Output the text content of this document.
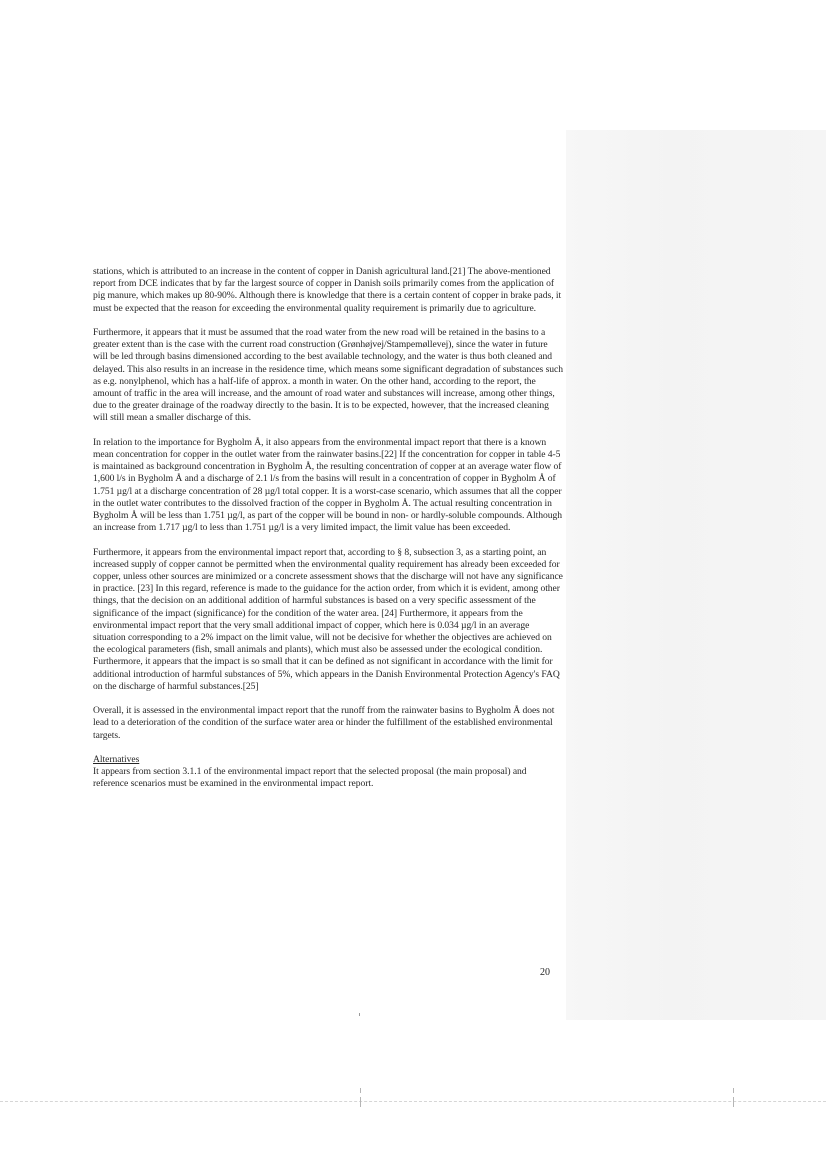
stations, which is attributed to an increase in the content of copper in Danish agricultural land.[21] The above-mentioned report from DCE indicates that by far the largest source of copper in Danish soils primarily comes from the application of pig manure, which makes up 80-90%. Although there is knowledge that there is a certain content of copper in brake pads, it must be expected that the reason for exceeding the environmental quality requirement is primarily due to agriculture.

Furthermore, it appears that it must be assumed that the road water from the new road will be retained in the basins to a greater extent than is the case with the current road construction (Grønhøjvej/Stampemøllevej), since the water in future will be led through basins dimensioned according to the best available technology, and the water is thus both cleaned and delayed. This also results in an increase in the residence time, which means some significant degradation of substances such as e.g. nonylphenol, which has a half-life of approx. a month in water. On the other hand, according to the report, the amount of traffic in the area will increase, and the amount of road water and substances will increase, among other things, due to the greater drainage of the roadway directly to the basin. It is to be expected, however, that the increased cleaning will still mean a smaller discharge of this.

In relation to the importance for Bygholm Å, it also appears from the environmental impact report that there is a known mean concentration for copper in the outlet water from the rainwater basins.[22] If the concentration for copper in table 4-5 is maintained as background concentration in Bygholm Å, the resulting concentration of copper at an average water flow of 1,600 l/s in Bygholm Å and a discharge of 2.1 l/s from the basins will result in a concentration of copper in Bygholm Å of 1.751 µg/l at a discharge concentration of 28 µg/l total copper. It is a worst-case scenario, which assumes that all the copper in the outlet water contributes to the dissolved fraction of the copper in Bygholm Å. The actual resulting concentration in Bygholm Å will be less than 1.751 µg/l, as part of the copper will be bound in non- or hardly-soluble compounds. Although an increase from 1.717 µg/l to less than 1.751 µg/l is a very limited impact, the limit value has been exceeded.

Furthermore, it appears from the environmental impact report that, according to § 8, subsection 3, as a starting point, an increased supply of copper cannot be permitted when the environmental quality requirement has already been exceeded for copper, unless other sources are minimized or a concrete assessment shows that the discharge will not have any significance in practice. [23] In this regard, reference is made to the guidance for the action order, from which it is evident, among other things, that the decision on an additional addition of harmful substances is based on a very specific assessment of the significance of the impact (significance) for the condition of the water area. [24] Furthermore, it appears from the environmental impact report that the very small additional impact of copper, which here is 0.034 µg/l in an average situation corresponding to a 2% impact on the limit value, will not be decisive for whether the objectives are achieved on the ecological parameters (fish, small animals and plants), which must also be assessed under the ecological condition. Furthermore, it appears that the impact is so small that it can be defined as not significant in accordance with the limit for additional introduction of harmful substances of 5%, which appears in the Danish Environmental Protection Agency's FAQ on the discharge of harmful substances.[25]

Overall, it is assessed in the environmental impact report that the runoff from the rainwater basins to Bygholm Å does not lead to a deterioration of the condition of the surface water area or hinder the fulfillment of the established environmental targets.

Alternatives
It appears from section 3.1.1 of the environmental impact report that the selected proposal (the main proposal) and reference scenarios must be examined in the environmental impact report.

20
